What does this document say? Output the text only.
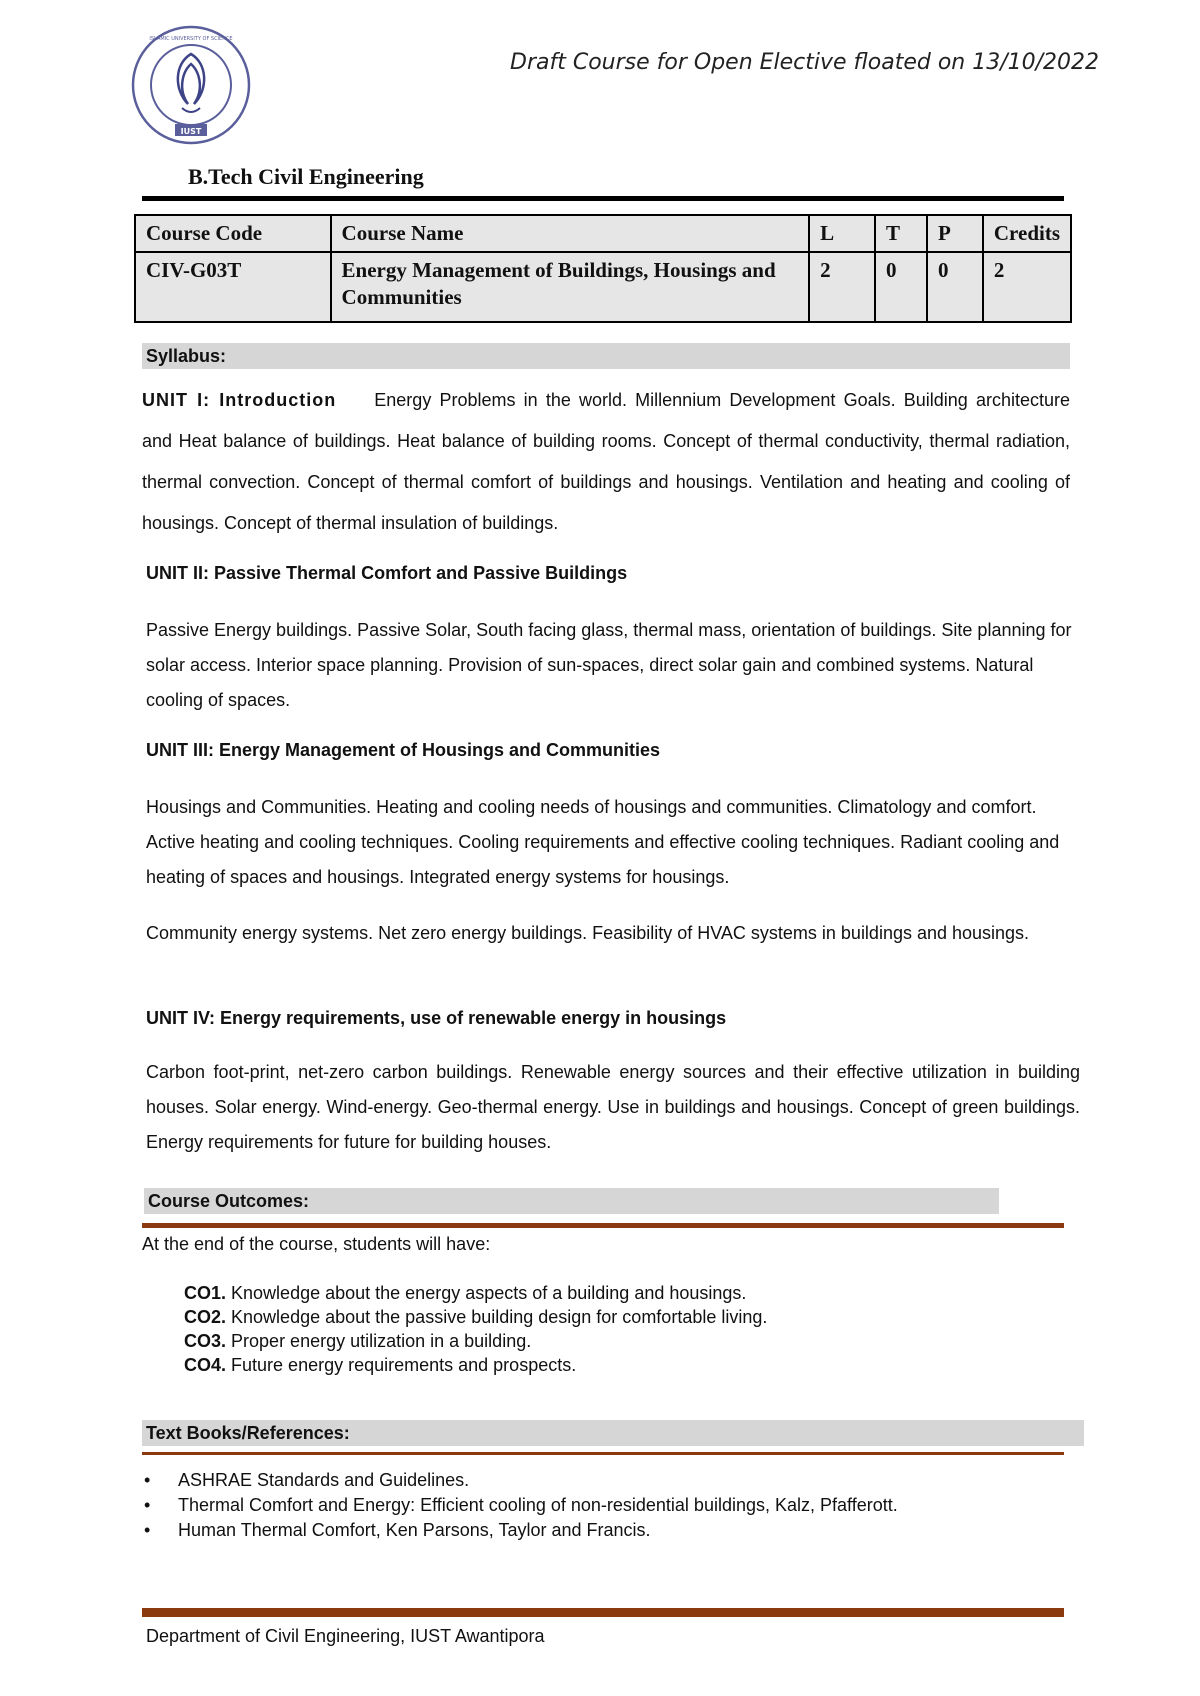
IUST
ISLAMIC UNIVERSITY OF SCIENCE
Draft Course for Open Elective floated on 13/10/2022
B.Tech Civil Engineering
Course Code	Course Name	L	T	P	Credits
CIV-G03T	Energy Management of Buildings, Housings and Communities	2	0	0	2
Syllabus:
UNIT I: Introduction Energy Problems in the world. Millennium Development Goals. Building architecture and Heat balance of buildings. Heat balance of building rooms. Concept of thermal conductivity, thermal radiation, thermal convection. Concept of thermal comfort of buildings and housings. Ventilation and heating and cooling of housings. Concept of thermal insulation of buildings.
UNIT II: Passive Thermal Comfort and Passive Buildings
Passive Energy buildings. Passive Solar, South facing glass, thermal mass, orientation of buildings. Site planning for solar access. Interior space planning. Provision of sun-spaces, direct solar gain and combined systems. Natural cooling of spaces.
UNIT III: Energy Management of Housings and Communities
Housings and Communities. Heating and cooling needs of housings and communities. Climatology and comfort. Active heating and cooling techniques. Cooling requirements and effective cooling techniques. Radiant cooling and heating of spaces and housings. Integrated energy systems for housings.
Community energy systems. Net zero energy buildings. Feasibility of HVAC systems in buildings and housings.
UNIT IV: Energy requirements, use of renewable energy in housings
Carbon foot-print, net-zero carbon buildings. Renewable energy sources and their effective utilization in building houses. Solar energy. Wind-energy. Geo-thermal energy. Use in buildings and housings. Concept of green buildings. Energy requirements for future for building houses.
Course Outcomes:
At the end of the course, students will have:
CO1. Knowledge about the energy aspects of a building and housings.
CO2. Knowledge about the passive building design for comfortable living.
CO3. Proper energy utilization in a building.
CO4. Future energy requirements and prospects.
Text Books/References:
• ASHRAE Standards and Guidelines.
• Thermal Comfort and Energy: Efficient cooling of non-residential buildings, Kalz, Pfafferott.
• Human Thermal Comfort, Ken Parsons, Taylor and Francis.
Department of Civil Engineering, IUST Awantipora
